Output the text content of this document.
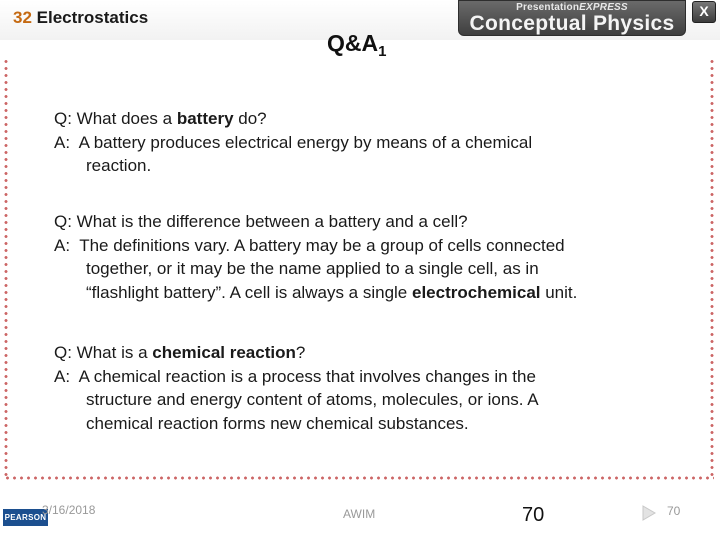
32 Electrostatics
PresentationEXPRESS
Conceptual Physics
X
$Q\&A_1$
Q: What does a battery do?
A: A battery produces electrical energy by means of a chemical
reaction.
Q: What is the difference between a battery and a cell?
A: The definitions vary. A battery may be a group of cells connected
together, or it may be the name applied to a single cell, as in
“flashlight battery”. A cell is always a single electrochemical unit.
Q: What is a chemical reaction?
A: A chemical reaction is a process that involves changes in the
structure and energy content of atoms, molecules, or ions. A
chemical reaction forms new chemical substances.
PEARSON
3/16/2018	AWIM	70	70
